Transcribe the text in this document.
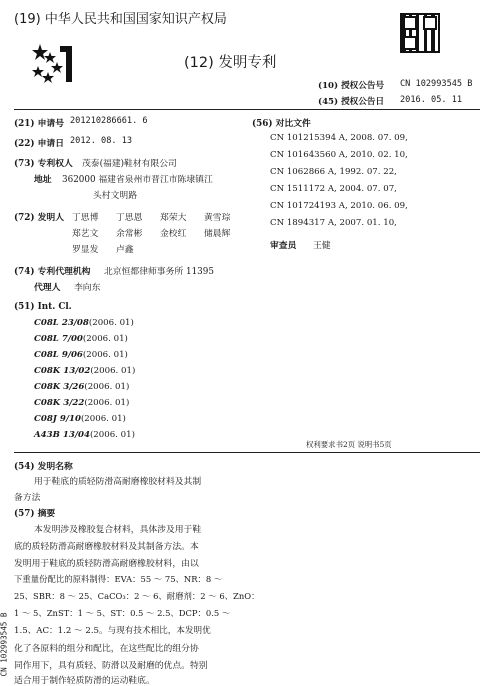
(19) 中华人民共和国国家知识产权局
(12) 发明专利
(10) 授权公告号 CN 102993545 B
(45) 授权公告日 2016. 05. 11
(21) 申请号 201210286661. 6
(22) 申请日 2012. 08. 13
(73) 专利权人 茂泰(福建)鞋材有限公司
地址 362000 福建省泉州市晋江市陈埭镇江
头村文明路
(72) 发明人 丁思博 丁思恩 郑荣大 黄雪琮
郑艺文 余常彬 金校红 储晨辉
罗显发 卢鑫
(74) 专利代理机构 北京恒都律师事务所 11395
代理人 李向东
(51) Int. Cl.
C08L 23/08(2006. 01)
C08L 7/00(2006. 01)
C08L 9/06(2006. 01)
C08K 13/02(2006. 01)
C08K 3/26(2006. 01)
C08K 3/22(2006. 01)
C08J 9/10(2006. 01)
A43B 13/04(2006. 01)
(56) 对比文件
CN 101215394 A, 2008. 07. 09,
CN 101643560 A, 2010. 02. 10,
CN 1062866 A, 1992. 07. 22,
CN 1511172 A, 2004. 07. 07,
CN 101724193 A, 2010. 06. 09,
CN 1894317 A, 2007. 01. 10,
审查员 王健
权利要求书2页 说明书5页
(54) 发明名称
用于鞋底的质轻防滑高耐磨橡胶材料及其制
备方法
(57) 摘要
本发明涉及橡胶复合材料，具体涉及用于鞋
底的质轻防滑高耐磨橡胶材料及其制备方法。本
发明用于鞋底的质轻防滑高耐磨橡胶材料，由以
下重量份配比的原料制得：EVA：55 ～ 75、NR：8 ～
25、SBR：8 ～ 25、CaCO₃：2 ～ 6、耐磨剂：2 ～ 6、ZnO：
1 ～ 5、ZnST：1 ～ 5、ST：0.5 ～ 2.5、DCP：0.5 ～
1.5、AC：1.2 ～ 2.5。与现有技术相比，本发明优
化了各原料的组分和配比，在这些配比的组分协
同作用下，具有质轻、防滑以及耐磨的优点。特别
适合用于制作轻质防滑的运动鞋底。
CN 102993545 B
